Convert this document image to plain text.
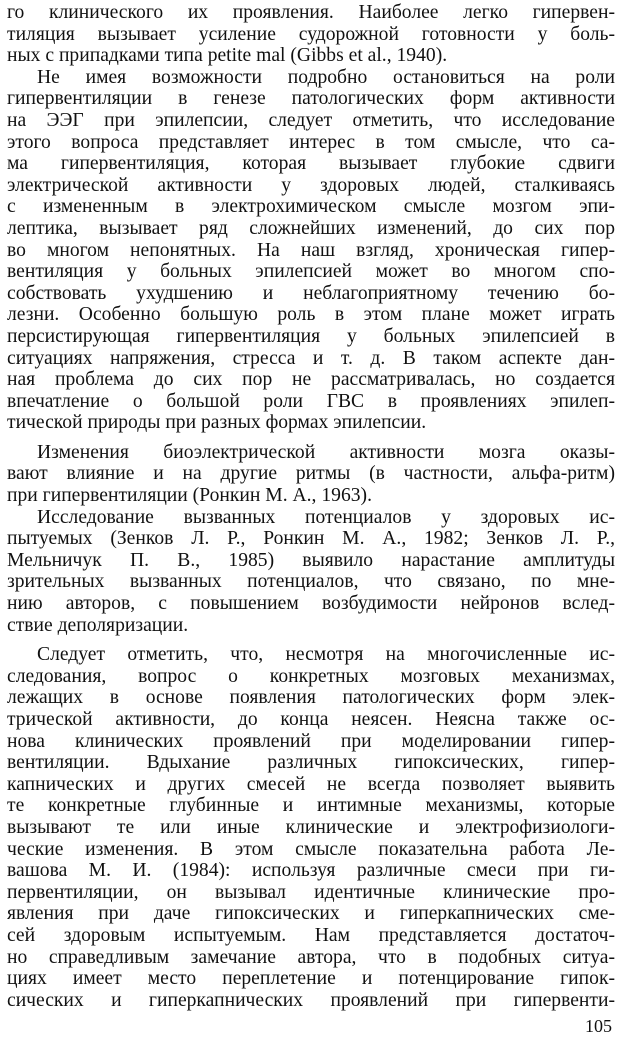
го клинического их проявления. Наиболее легко гипервен-
тиляция вызывает усиление судорожной готовности у боль-
ных с припадками типа petite mal (Gibbs et al., 1940).

Не имея возможности подробно остановиться на роли
гипервентиляции в генезе патологических форм активности
на ЭЭГ при эпилепсии, следует отметить, что исследование
этого вопроса представляет интерес в том смысле, что са-
ма гипервентиляция, которая вызывает глубокие сдвиги
электрической активности у здоровых людей, сталкиваясь
с измененным в электрохимическом смысле мозгом эпи-
лептика, вызывает ряд сложнейших изменений, до сих пор
во многом непонятных. На наш взгляд, хроническая гипер-
вентиляция у больных эпилепсией может во многом спо-
собствовать ухудшению и неблагоприятному течению бо-
лезни. Особенно большую роль в этом плане может играть
персистирующая гипервентиляция у больных эпилепсией в
ситуациях напряжения, стресса и т. д. В таком аспекте дан-
ная проблема до сих пор не рассматривалась, но создается
впечатление о большой роли ГВС в проявлениях эпилеп-
тической природы при разных формах эпилепсии.

Изменения биоэлектрической активности мозга оказы-
вают влияние и на другие ритмы (в частности, альфа-ритм)
при гипервентиляции (Ронкин М. А., 1963).

Исследование вызванных потенциалов у здоровых ис-
пытуемых (Зенков Л. Р., Ронкин М. А., 1982; Зенков Л. Р.,
Мельничук П. В., 1985) выявило нарастание амплитуды
зрительных вызванных потенциалов, что связано, по мне-
нию авторов, с повышением возбудимости нейронов вслед-
ствие деполяризации.

Следует отметить, что, несмотря на многочисленные ис-
следования, вопрос о конкретных мозговых механизмах,
лежащих в основе появления патологических форм элек-
трической активности, до конца неясен. Неясна также ос-
нова клинических проявлений при моделировании гипер-
вентиляции. Вдыхание различных гипоксических, гипер-
капнических и других смесей не всегда позволяет выявить
те конкретные глубинные и интимные механизмы, которые
вызывают те или иные клинические и электрофизиологи-
ческие изменения. В этом смысле показательна работа Ле-
вашова М. И. (1984): используя различные смеси при ги-
первентиляции, он вызывал идентичные клинические про-
явления при даче гипоксических и гиперкапнических сме-
сей здоровым испытуемым. Нам представляется достаточ-
но справедливым замечание автора, что в подобных ситуа-
циях имеет место переплетение и потенцирование гипок-
сических и гиперкапнических проявлений при гипервенти-

105
